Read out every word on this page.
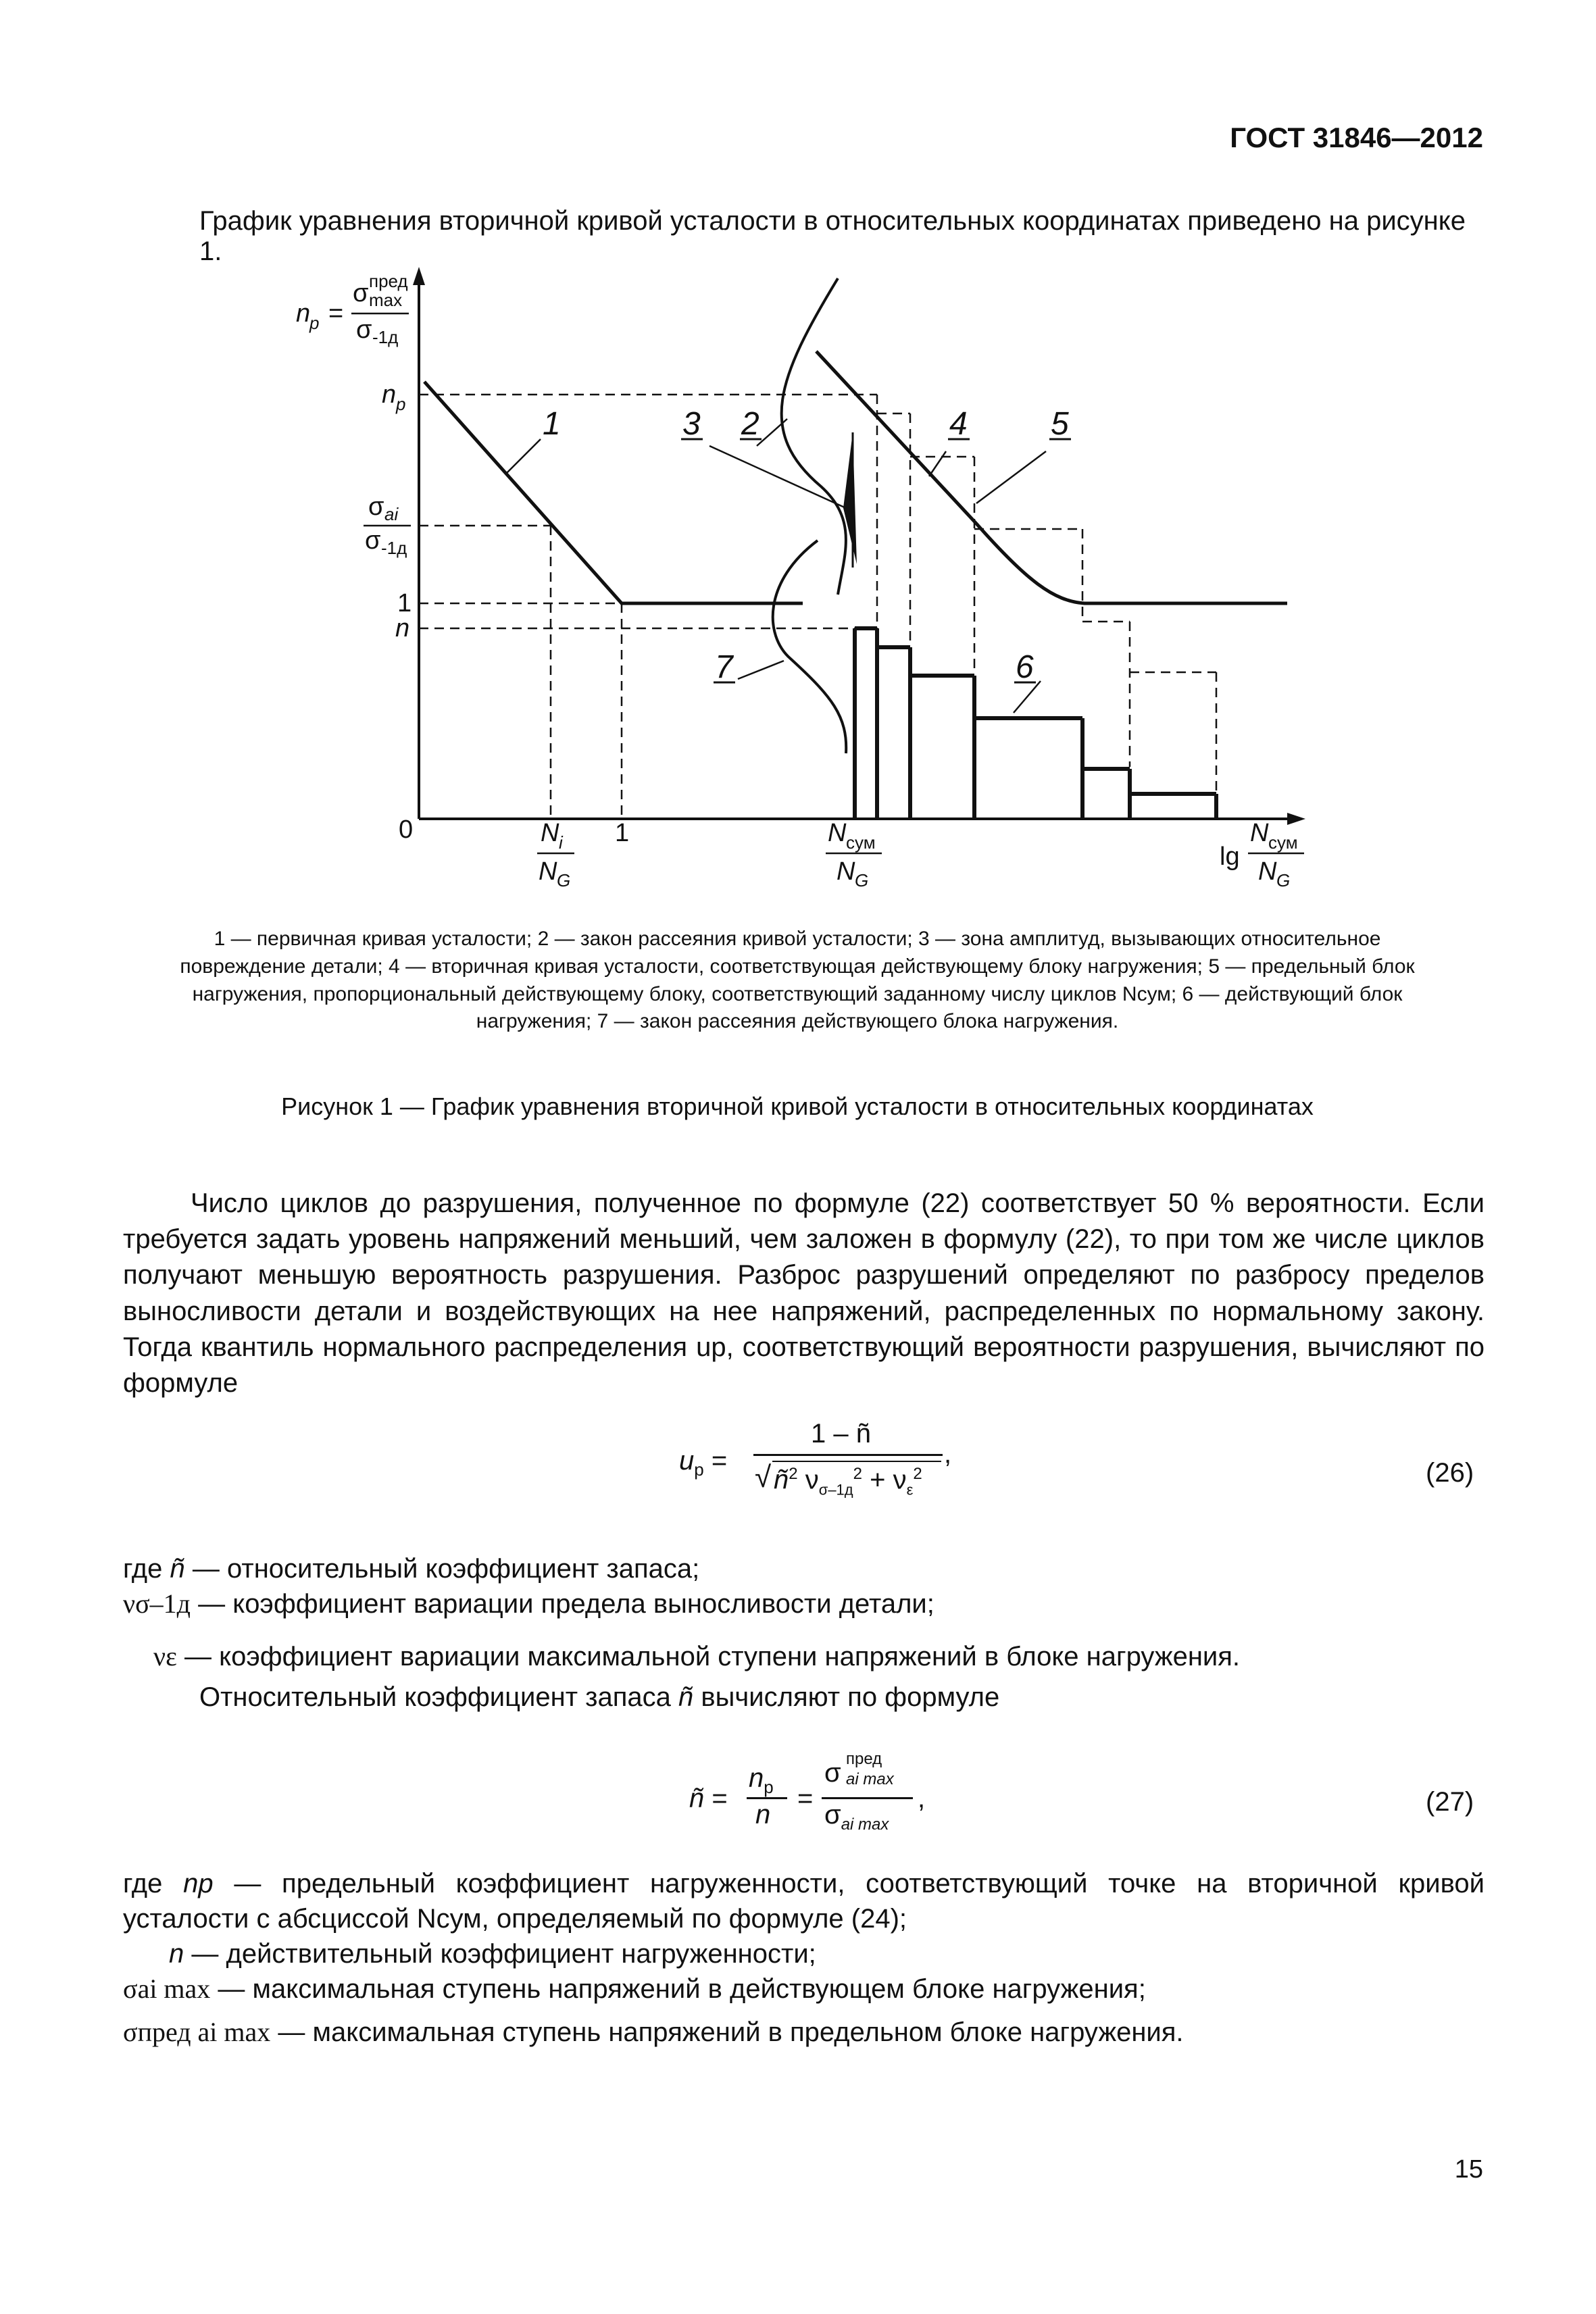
ГОСТ 31846—2012
График уравнения вторичной кривой усталости в относительных координатах приведено на рисунке 1.
1	3 2	4	5
7	6
n
p =
σ пред
max
σ -1д
n p
σ ai
σ -1д
1
n
0	N i
N G
1	N сум
N G
lg
N сум
N G
1 — первичная кривая усталости; 2 — закон рассеяния кривой усталости; 3 — зона амплитуд, вызывающих относительное повреждение детали; 4 — вторичная кривая усталости, соответствующая действующему блоку нагружения; 5 — предельный блок нагружения, пропорциональный действующему блоку, соответствующий заданному числу циклов Nсум; 6 — действующий блок нагружения; 7 — закон рассеяния действующего блока нагружения.
Рисунок 1 — График уравнения вторичной кривой усталости в относительных координатах

Число циклов до разрушения, полученное по формуле (22) соответствует 50 % вероятности. Если требуется задать уровень напряжений меньший, чем заложен в формулу (22), то при том же числе циклов получают меньшую вероятность разрушения. Разброс разрушений определяют по разбросу пределов выносливости детали и воздействующих на нее напряжений, распределенных по нормальному закону. Тогда квантиль нормального распределения uр, соответствующий вероятности разрушения, вычисляют по формуле

$u_р$ =
1 – ñ
√ $ñ^2$ $\nu_{\sigma-1д}^2 + \nu_\varepsilon^2$
,
(26)
где ñ — относительный коэффициент запаса;
νσ–1д — коэффициент вариации предела выносливости детали;
νε — коэффициент вариации максимальной ступени напряжений в блоке нагружения.
Относительный коэффициент запаса ñ вычисляют по формуле
ñ =
$n_p$
n
=
σ пред
ai max
$\sigma_{ai max}$
,	(27)
где np — предельный коэффициент нагруженности, соответствующий точке на вторичной кривой усталости с абсциссой Nсум, определяемый по формуле (24);
n — действительный коэффициент нагруженности;
σai max — максимальная ступень напряжений в действующем блоке нагружения;
σпред ai max — максимальная ступень напряжений в предельном блоке нагружения.
15
